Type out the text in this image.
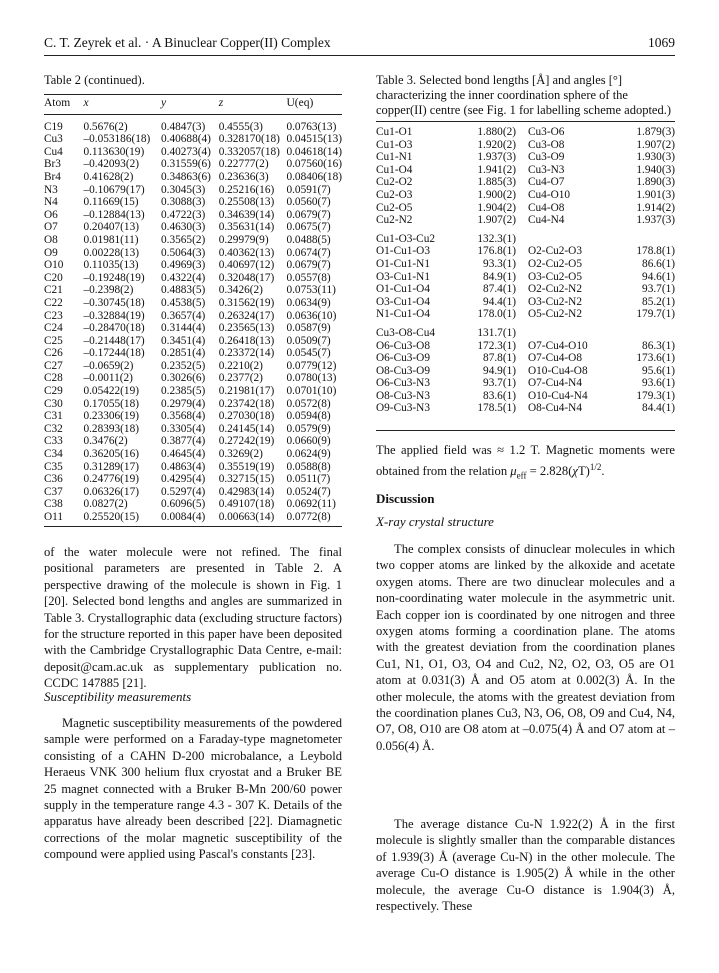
C. T. Zeyrek et al. · A Binuclear Copper(II) Complex	1069
Table 2 (continued).
Atom	x	y	z	U(eq)
C19	0.5676(2)	0.4847(3)	0.4555(3)	0.0763(13)
Cu3	–0.053186(18)	0.40688(4)	0.328170(18)	0.04515(13)
Cu4	0.113630(19)	0.40273(4)	0.332057(18)	0.04618(14)
Br3	–0.42093(2)	0.31559(6)	0.22777(2)	0.07560(16)
Br4	0.41628(2)	0.34863(6)	0.23636(3)	0.08406(18)
N3	–0.10679(17)	0.3045(3)	0.25216(16)	0.0591(7)
N4	0.11669(15)	0.3088(3)	0.25508(13)	0.0560(7)
O6	–0.12884(13)	0.4722(3)	0.34639(14)	0.0679(7)
O7	0.20407(13)	0.4630(3)	0.35631(14)	0.0675(7)
O8	0.01981(11)	0.3565(2)	0.29979(9)	0.0488(5)
O9	0.00228(13)	0.5064(3)	0.40362(13)	0.0674(7)
O10	0.11035(13)	0.4969(3)	0.40697(12)	0.0679(7)
C20	–0.19248(19)	0.4322(4)	0.32048(17)	0.0557(8)
C21	–0.2398(2)	0.4883(5)	0.3426(2)	0.0753(11)
C22	–0.30745(18)	0.4538(5)	0.31562(19)	0.0634(9)
C23	–0.32884(19)	0.3657(4)	0.26324(17)	0.0636(10)
C24	–0.28470(18)	0.3144(4)	0.23565(13)	0.0587(9)
C25	–0.21448(17)	0.3451(4)	0.26418(13)	0.0509(7)
C26	–0.17244(18)	0.2851(4)	0.23372(14)	0.0545(7)
C27	–0.0659(2)	0.2352(5)	0.2210(2)	0.0779(12)
C28	–0.0011(2)	0.3026(6)	0.2377(2)	0.0780(13)
C29	0.05422(19)	0.2385(5)	0.21981(17)	0.0701(10)
C30	0.17055(18)	0.2979(4)	0.23742(18)	0.0572(8)
C31	0.23306(19)	0.3568(4)	0.27030(18)	0.0594(8)
C32	0.28393(18)	0.3305(4)	0.24145(14)	0.0579(9)
C33	0.3476(2)	0.3877(4)	0.27242(19)	0.0660(9)
C34	0.36205(16)	0.4645(4)	0.3269(2)	0.0624(9)
C35	0.31289(17)	0.4863(4)	0.35519(19)	0.0588(8)
C36	0.24776(19)	0.4295(4)	0.32715(15)	0.0511(7)
C37	0.06326(17)	0.5297(4)	0.42983(14)	0.0524(7)
C38	0.0827(2)	0.6096(5)	0.49107(18)	0.0692(11)
O11	0.25520(15)	0.0084(4)	0.00663(14)	0.0772(8)
Table 3. Selected bond lengths [Å] and angles [°] characterizing the inner coordination sphere of the copper(II) centre (see Fig. 1 for labelling scheme adopted.)
Cu1-O1	1.880(2)	Cu3-O6	1.879(3)
Cu1-O3	1.920(2)	Cu3-O8	1.907(2)
Cu1-N1	1.937(3)	Cu3-O9	1.930(3)
Cu1-O4	1.941(2)	Cu3-N3	1.940(3)
Cu2-O2	1.885(3)	Cu4-O7	1.890(3)
Cu2-O3	1.900(2)	Cu4-O10	1.901(3)
Cu2-O5	1.904(2)	Cu4-O8	1.914(2)
Cu2-N2	1.907(2)	Cu4-N4	1.937(3)

Cu1-O3-Cu2	132.3(1)		
O1-Cu1-O3	176.8(1)	O2-Cu2-O3	178.8(1)
O1-Cu1-N1	93.3(1)	O2-Cu2-O5	86.6(1)
O3-Cu1-N1	84.9(1)	O3-Cu2-O5	94.6(1)
O1-Cu1-O4	87.4(1)	O2-Cu2-N2	93.7(1)
O3-Cu1-O4	94.4(1)	O3-Cu2-N2	85.2(1)
N1-Cu1-O4	178.0(1)	O5-Cu2-N2	179.7(1)

Cu3-O8-Cu4	131.7(1)		
O6-Cu3-O8	172.3(1)	O7-Cu4-O10	86.3(1)
O6-Cu3-O9	87.8(1)	O7-Cu4-O8	173.6(1)
O8-Cu3-O9	94.9(1)	O10-Cu4-O8	95.6(1)
O6-Cu3-N3	93.7(1)	O7-Cu4-N4	93.6(1)
O8-Cu3-N3	83.6(1)	O10-Cu4-N4	179.3(1)
O9-Cu3-N3	178.5(1)	O8-Cu4-N4	84.4(1)
of the water molecule were not refined. The final positional parameters are presented in Table 2. A perspective drawing of the molecule is shown in Fig. 1 [20]. Selected bond lengths and angles are summarized in Table 3. Crystallographic data (excluding structure factors) for the structure reported in this paper have been deposited with the Cambridge Crystallographic Data Centre, e-mail: deposit@cam.ac.uk as supplementary publication no. CCDC 147885 [21].
Susceptibility measurements
Magnetic susceptibility measurements of the powdered sample were performed on a Faraday-type magnetometer consisting of a CAHN D-200 microbalance, a Leybold Heraeus VNK 300 helium flux cryostat and a Bruker BE 25 magnet connected with a Bruker B-Mn 200/60 power supply in the temperature range 4.3 - 307 K. Details of the apparatus have already been described [22]. Diamagnetic corrections of the molar magnetic susceptibility of the compound were applied using Pascal's constants [23].
The applied field was ≈ 1.2 T. Magnetic moments were obtained from the relation $\mu_{eff} = 2.828(\chi T)^{1/2}$.
Discussion
X-ray crystal structure
The complex consists of dinuclear molecules in which two copper atoms are linked by the alkoxide and acetate oxygen atoms. There are two dinuclear molecules and a non-coordinating water molecule in the asymmetric unit. Each copper ion is coordinated by one nitrogen and three oxygen atoms forming a coordination plane. The atoms with the greatest deviation from the coordination planes Cu1, N1, O1, O3, O4 and Cu2, N2, O2, O3, O5 are O1 atom at 0.031(3) Å and O5 atom at 0.002(3) Å. In the other molecule, the atoms with the greatest deviation from the coordination planes Cu3, N3, O6, O8, O9 and Cu4, N4, O7, O8, O10 are O8 atom at –0.075(4) Å and O7 atom at –0.056(4) Å.
The average distance Cu-N 1.922(2) Å in the first molecule is slightly smaller than the comparable distances of 1.939(3) Å (average Cu-N) in the other molecule. The average Cu-O distance is 1.905(2) Å while in the other molecule, the average Cu-O distance is 1.904(3) Å, respectively. These
